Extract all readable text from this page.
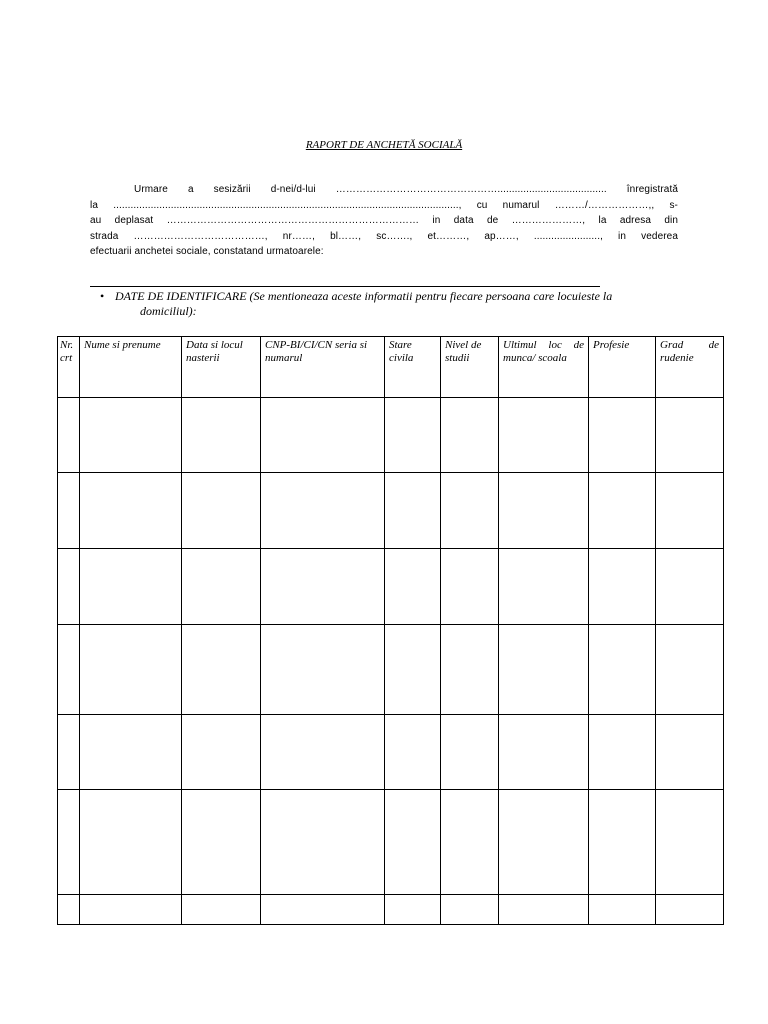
RAPORT DE ANCHETĂ SOCIALĂ
Urmare a sesizării d-nei/d-lui …………………………………………...................................... înregistrată
la ........................................................................................................................, cu numarul ………/………………,, s-
au deplasat ………………………………………………………………… in data de …………………, la adresa din
strada …………………………………, nr……, bl……, sc……., et………, ap……, ......................., in vederea
efectuarii anchetei sociale, constatand urmatoarele:
• DATE DE IDENTIFICARE (Se mentioneaza aceste informatii pentru fiecare persoana care locuieste la
domiciliul):
Nr. crt	Nume si prenume	Data si locul nasterii	CNP-BI/CI/CN seria si numarul	Stare civila	Nivel de studii	Ultimul loc de munca/ scoala	Profesie	Grad de rudenie
